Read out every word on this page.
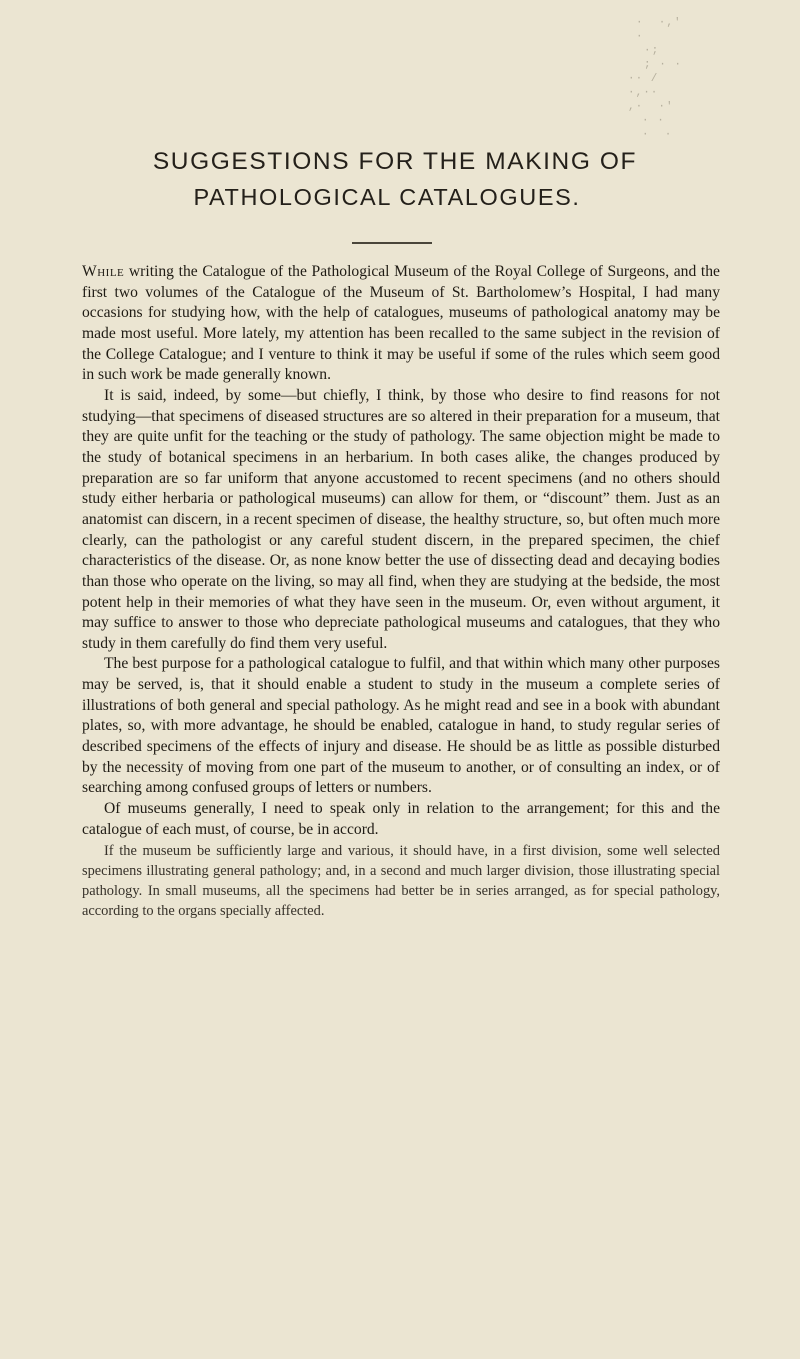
·  ·,' ·
·; ; · ·
·· / ·,·· ,·  ·'
· · ·  ·
SUGGESTIONS FOR THE MAKING OF
PATHOLOGICAL CATALOGUES.

While writing the Catalogue of the Pathological Museum of the Royal College of Surgeons, and the first two volumes of the Catalogue of the Museum of St. Bartholomew’s Hospital, I had many occasions for studying how, with the help of catalogues, museums of pathological anatomy may be made most useful. More lately, my attention has been recalled to the same subject in the revision of the College Catalogue; and I venture to think it may be useful if some of the rules which seem good in such work be made generally known.

It is said, indeed, by some—but chiefly, I think, by those who desire to find reasons for not studying—that specimens of diseased structures are so altered in their preparation for a museum, that they are quite unfit for the teaching or the study of pathology. The same objection might be made to the study of botanical specimens in an herbarium. In both cases alike, the changes produced by preparation are so far uniform that anyone accustomed to recent specimens (and no others should study either herbaria or pathological museums) can allow for them, or “discount” them. Just as an anatomist can discern, in a recent specimen of disease, the healthy structure, so, but often much more clearly, can the pathologist or any careful student discern, in the prepared specimen, the chief characteristics of the disease. Or, as none know better the use of dissecting dead and decaying bodies than those who operate on the living, so may all find, when they are studying at the bedside, the most potent help in their memories of what they have seen in the museum. Or, even without argument, it may suffice to answer to those who depreciate pathological museums and catalogues, that they who study in them carefully do find them very useful.

The best purpose for a pathological catalogue to fulfil, and that within which many other purposes may be served, is, that it should enable a student to study in the museum a complete series of illustrations of both general and special pathology. As he might read and see in a book with abundant plates, so, with more advantage, he should be enabled, catalogue in hand, to study regular series of described specimens of the effects of injury and disease. He should be as little as possible disturbed by the necessity of moving from one part of the museum to another, or of consulting an index, or of searching among confused groups of letters or numbers.

Of museums generally, I need to speak only in relation to the arrangement; for this and the catalogue of each must, of course, be in accord.

If the museum be sufficiently large and various, it should have, in a first division, some well selected specimens illustrating general pathology; and, in a second and much larger division, those illustrating special pathology. In small museums, all the specimens had better be in series arranged, as for special pathology, according to the organs specially affected.
